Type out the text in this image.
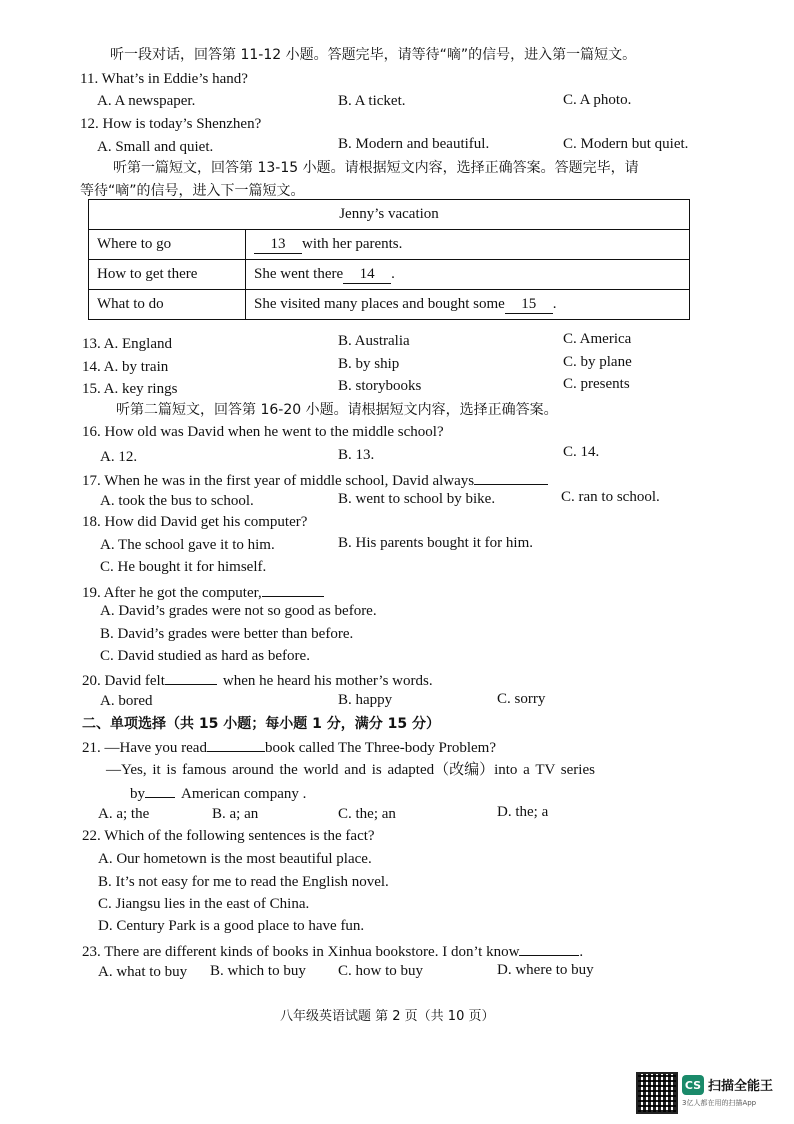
听一段对话，回答第 11-12 小题。答题完毕，请等待“嘀”的信号，进入第一篇短文。
11. What’s in Eddie’s hand?
A. A newspaper.	B. A ticket.	C. A photo.
12. How is today’s Shenzhen?
A. Small and quiet.	B. Modern and beautiful.	C. Modern but quiet.
听第一篇短文，回答第 13-15 小题。请根据短文内容，选择正确答案。答题完毕，请
等待“嘀”的信号，进入下一篇短文。
Jenny’s vacation	
Where to go	13 with her parents.
How to get there	She went there 14 .
What to do	She visited many places and bought some 15 .
13. A. England	B. Australia	C. America
14. A. by train	B. by ship	C. by plane
15. A. key rings	B. storybooks	C. presents
听第二篇短文，回答第 16-20 小题。请根据短文内容，选择正确答案。
16. How old was David when he went to the middle school?
A. 12.	B. 13.	C. 14.
17. When he was in the first year of middle school, David always
A. took the bus to school.	B. went to school by bike.	C. ran to school.
18. How did David get his computer?
A. The school gave it to him.	B. His parents bought it for him.
C. He bought it for himself.
19. After he got the computer,
A. David’s grades were not so good as before.
B. David’s grades were better than before.
C. David studied as hard as before.
20. David felt	when he heard his mother’s words.
A. bored	B. happy	C. sorry
二、单项选择（共 15 小题；每小题 1 分，满分 15 分）
21. —Have you read	book called The Three-body Problem?
—Yes, it is famous around the world and is adapted（改编）into a TV series
by American company .
A. a; the	B. a; an	C. the; an	D. the; a
22. Which of the following sentences is the fact?
A. Our hometown is the most beautiful place.
B. It’s not easy for me to read the English novel.
C. Jiangsu lies in the east of China.
D. Century Park is a good place to have fun.
23. There are different kinds of books in Xinhua bookstore. I don’t know	.
A. what to buy B. which to buy C. how to buy	D. where to buy
八年级英语试题 第 2 页（共 10 页）
CS 扫描全能王
3亿人都在用的扫描App
